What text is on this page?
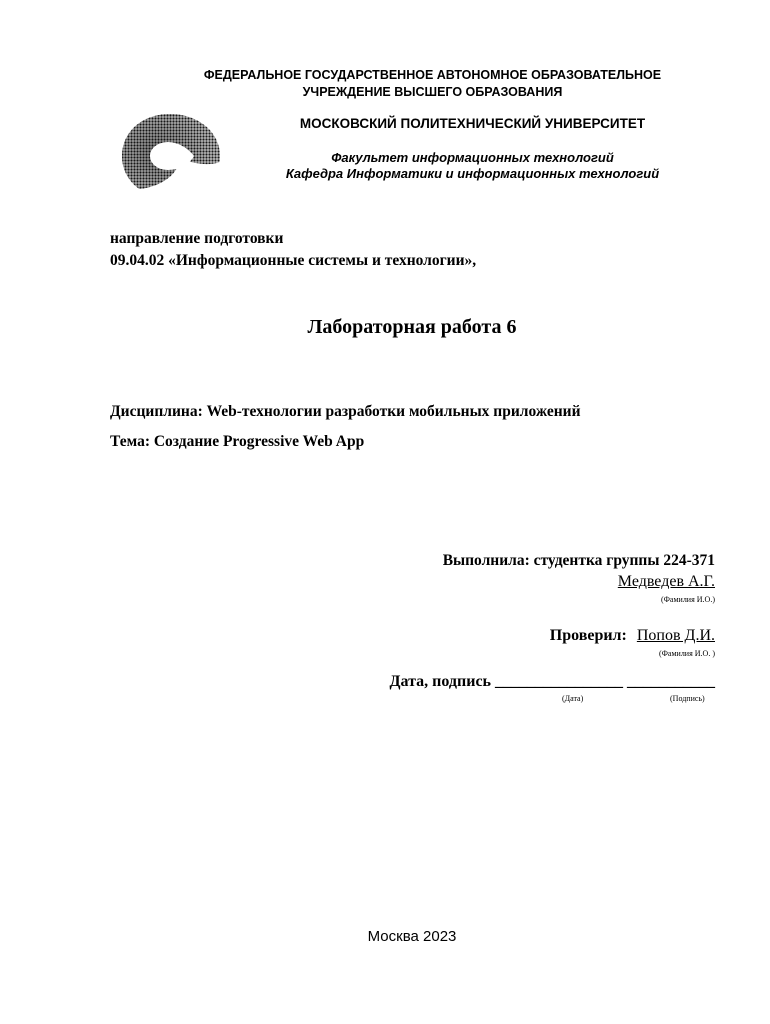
ФЕДЕРАЛЬНОЕ ГОСУДАРСТВЕННОЕ АВТОНОМНОЕ ОБРАЗОВАТЕЛЬНОЕ
УЧРЕЖДЕНИЕ ВЫСШЕГО ОБРАЗОВАНИЯ
МОСКОВСКИЙ ПОЛИТЕХНИЧЕСКИЙ УНИВЕРСИТЕТ
Факультет информационных технологий
Кафедра Информатики и информационных технологий
направление подготовки
09.04.02 «Информационные системы и технологии»,
Лабораторная работа 6
Дисциплина: Web-технологии разработки мобильных приложений
Тема: Создание Progressive Web App
Выполнила: студентка группы 224-371
Медведев А.Г.
(Фамилия И.О.)
Проверил: Попов Д.И.
(Фамилия И.О. )
Дата, подпись ________________ ___________
(Дата)	(Подпись)
Москва 2023
